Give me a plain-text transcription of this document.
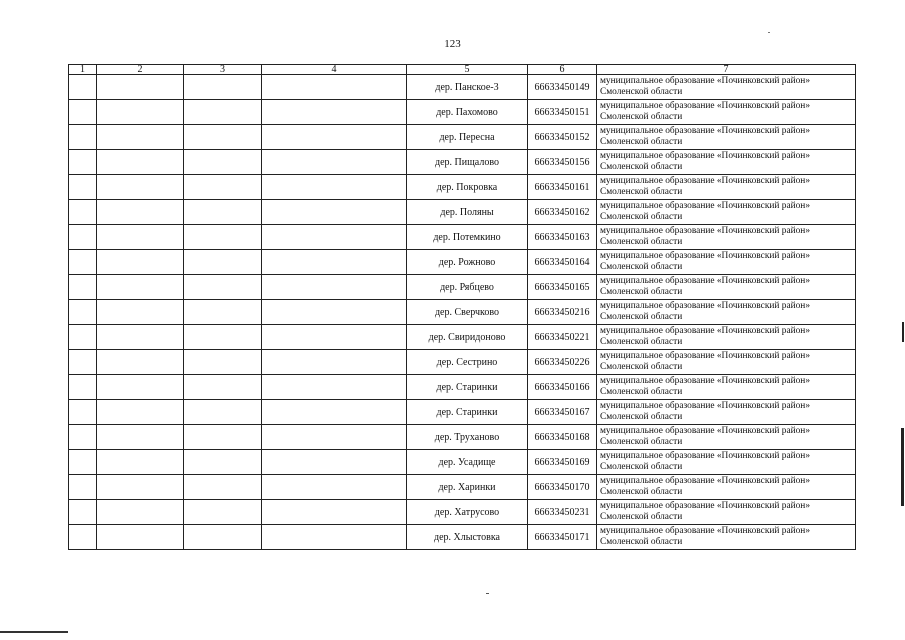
123
1	2	3	4	5	6	7
				дер. Панское-3	66633450149	муниципальное образование «Починковский район» Смоленской области
				дер. Пахомово	66633450151	муниципальное образование «Починковский район» Смоленской области
				дер. Пересна	66633450152	муниципальное образование «Починковский район» Смоленской области
				дер. Пищалово	66633450156	муниципальное образование «Починковский район» Смоленской области
				дер. Покровка	66633450161	муниципальное образование «Починковский район» Смоленской области
				дер. Поляны	66633450162	муниципальное образование «Починковский район» Смоленской области
				дер. Потемкино	66633450163	муниципальное образование «Починковский район» Смоленской области
				дер. Рожново	66633450164	муниципальное образование «Починковский район» Смоленской области
				дер. Рябцево	66633450165	муниципальное образование «Починковский район» Смоленской области
				дер. Сверчково	66633450216	муниципальное образование «Починковский район» Смоленской области
				дер. Свиридоново	66633450221	муниципальное образование «Починковский район» Смоленской области
				дер. Сестрино	66633450226	муниципальное образование «Починковский район» Смоленской области
				дер. Старинки	66633450166	муниципальное образование «Починковский район» Смоленской области
				дер. Старинки	66633450167	муниципальное образование «Починковский район» Смоленской области
				дер. Труханово	66633450168	муниципальное образование «Починковский район» Смоленской области
				дер. Усадище	66633450169	муниципальное образование «Починковский район» Смоленской области
				дер. Харинки	66633450170	муниципальное образование «Починковский район» Смоленской области
				дер. Хатрусово	66633450231	муниципальное образование «Починковский район» Смоленской области
				дер. Хлыстовка	66633450171	муниципальное образование «Починковский район» Смоленской области
